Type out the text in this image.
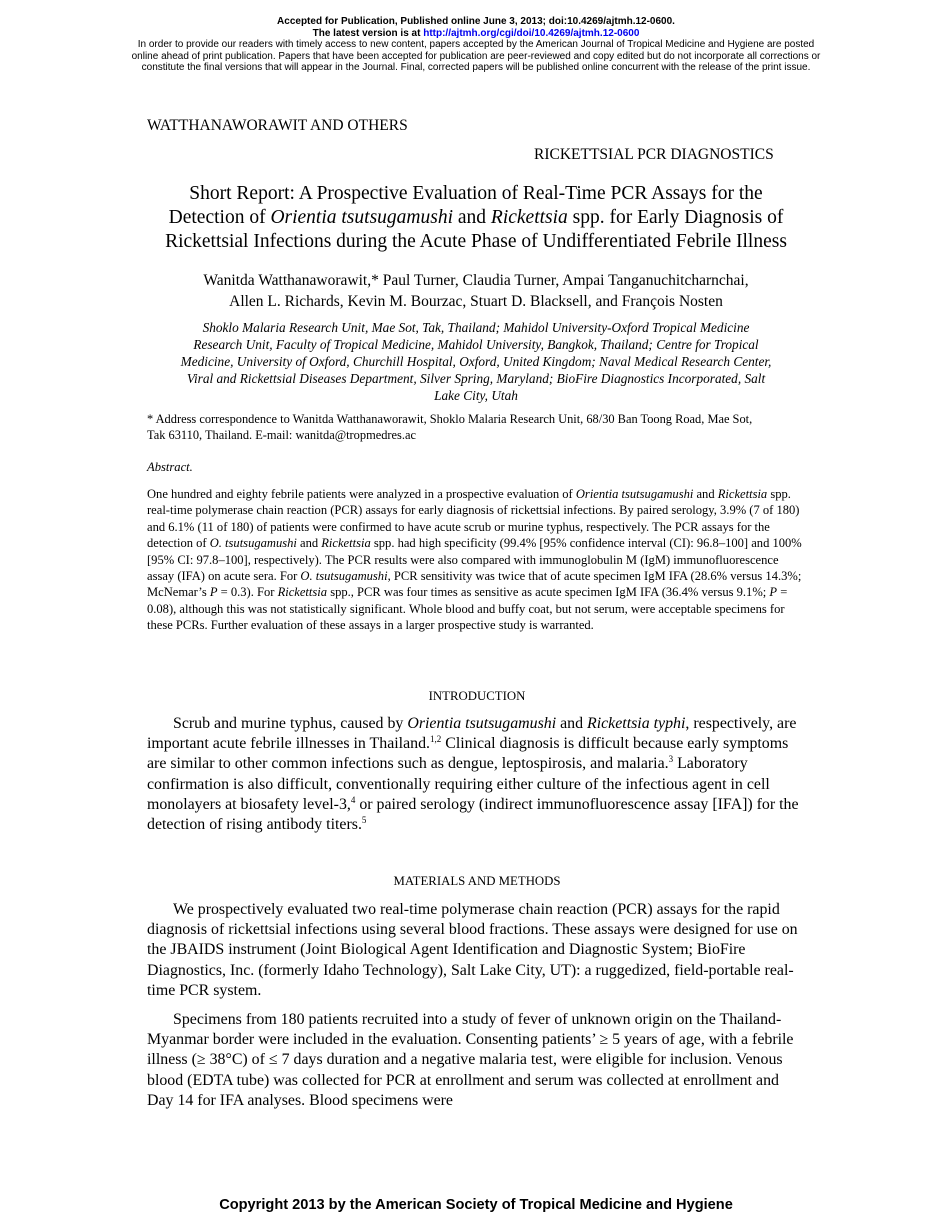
Accepted for Publication, Published online June 3, 2013; doi:10.4269/ajtmh.12-0600.
The latest version is at http://ajtmh.org/cgi/doi/10.4269/ajtmh.12-0600
In order to provide our readers with timely access to new content, papers accepted by the American Journal of Tropical Medicine and Hygiene are posted
online ahead of print publication. Papers that have been accepted for publication are peer-reviewed and copy edited but do not incorporate all corrections or
constitute the final versions that will appear in the Journal. Final, corrected papers will be published online concurrent with the release of the print issue.
WATTHANAWORAWIT AND OTHERS
RICKETTSIAL PCR DIAGNOSTICS
Short Report: A Prospective Evaluation of Real-Time PCR Assays for the
Detection of Orientia tsutsugamushi and Rickettsia spp. for Early Diagnosis of
Rickettsial Infections during the Acute Phase of Undifferentiated Febrile Illness
Wanitda Watthanaworawit,* Paul Turner, Claudia Turner, Ampai Tanganuchitcharnchai,
Allen L. Richards, Kevin M. Bourzac, Stuart D. Blacksell, and François Nosten
Shoklo Malaria Research Unit, Mae Sot, Tak, Thailand; Mahidol University-Oxford Tropical Medicine
Research Unit, Faculty of Tropical Medicine, Mahidol University, Bangkok, Thailand; Centre for Tropical
Medicine, University of Oxford, Churchill Hospital, Oxford, United Kingdom; Naval Medical Research Center,
Viral and Rickettsial Diseases Department, Silver Spring, Maryland; BioFire Diagnostics Incorporated, Salt
Lake City, Utah
* Address correspondence to Wanitda Watthanaworawit, Shoklo Malaria Research Unit, 68/30 Ban Toong Road, Mae Sot,
Tak 63110, Thailand. E-mail: wanitda@tropmedres.ac
Abstract.
One hundred and eighty febrile patients were analyzed in a prospective evaluation of Orientia tsutsugamushi and Rickettsia spp. real-time polymerase chain reaction (PCR) assays for early diagnosis of rickettsial infections. By paired serology, 3.9% (7 of 180) and 6.1% (11 of 180) of patients were confirmed to have acute scrub or murine typhus, respectively. The PCR assays for the detection of O. tsutsugamushi and Rickettsia spp. had high specificity (99.4% [95% confidence interval (CI): 96.8–100] and 100% [95% CI: 97.8–100], respectively). The PCR results were also compared with immunoglobulin M (IgM) immunofluorescence assay (IFA) on acute sera. For O. tsutsugamushi, PCR sensitivity was twice that of acute specimen IgM IFA (28.6% versus 14.3%; McNemar’s P = 0.3). For Rickettsia spp., PCR was four times as sensitive as acute specimen IgM IFA (36.4% versus 9.1%; P = 0.08), although this was not statistically significant. Whole blood and buffy coat, but not serum, were acceptable specimens for these PCRs. Further evaluation of these assays in a larger prospective study is warranted.
INTRODUCTION
Scrub and murine typhus, caused by Orientia tsutsugamushi and Rickettsia typhi, respectively, are important acute febrile illnesses in Thailand.$^{1,2}$ Clinical diagnosis is difficult because early symptoms are similar to other common infections such as dengue, leptospirosis, and malaria.$^3$ Laboratory confirmation is also difficult, conventionally requiring either culture of the infectious agent in cell monolayers at biosafety level-3,$^4$ or paired serology (indirect immunofluorescence assay [IFA]) for the detection of rising antibody titers.$^5$
MATERIALS AND METHODS
We prospectively evaluated two real-time polymerase chain reaction (PCR) assays for the rapid diagnosis of rickettsial infections using several blood fractions. These assays were designed for use on the JBAIDS instrument (Joint Biological Agent Identification and Diagnostic System; BioFire Diagnostics, Inc. (formerly Idaho Technology), Salt Lake City, UT): a ruggedized, field-portable real-time PCR system.
Specimens from 180 patients recruited into a study of fever of unknown origin on the Thailand-Myanmar border were included in the evaluation. Consenting patients’ ≥ 5 years of age, with a febrile illness (≥ 38°C) of ≤ 7 days duration and a negative malaria test, were eligible for inclusion. Venous blood (EDTA tube) was collected for PCR at enrollment and serum was collected at enrollment and Day 14 for IFA analyses. Blood specimens were
Copyright 2013 by the American Society of Tropical Medicine and Hygiene
